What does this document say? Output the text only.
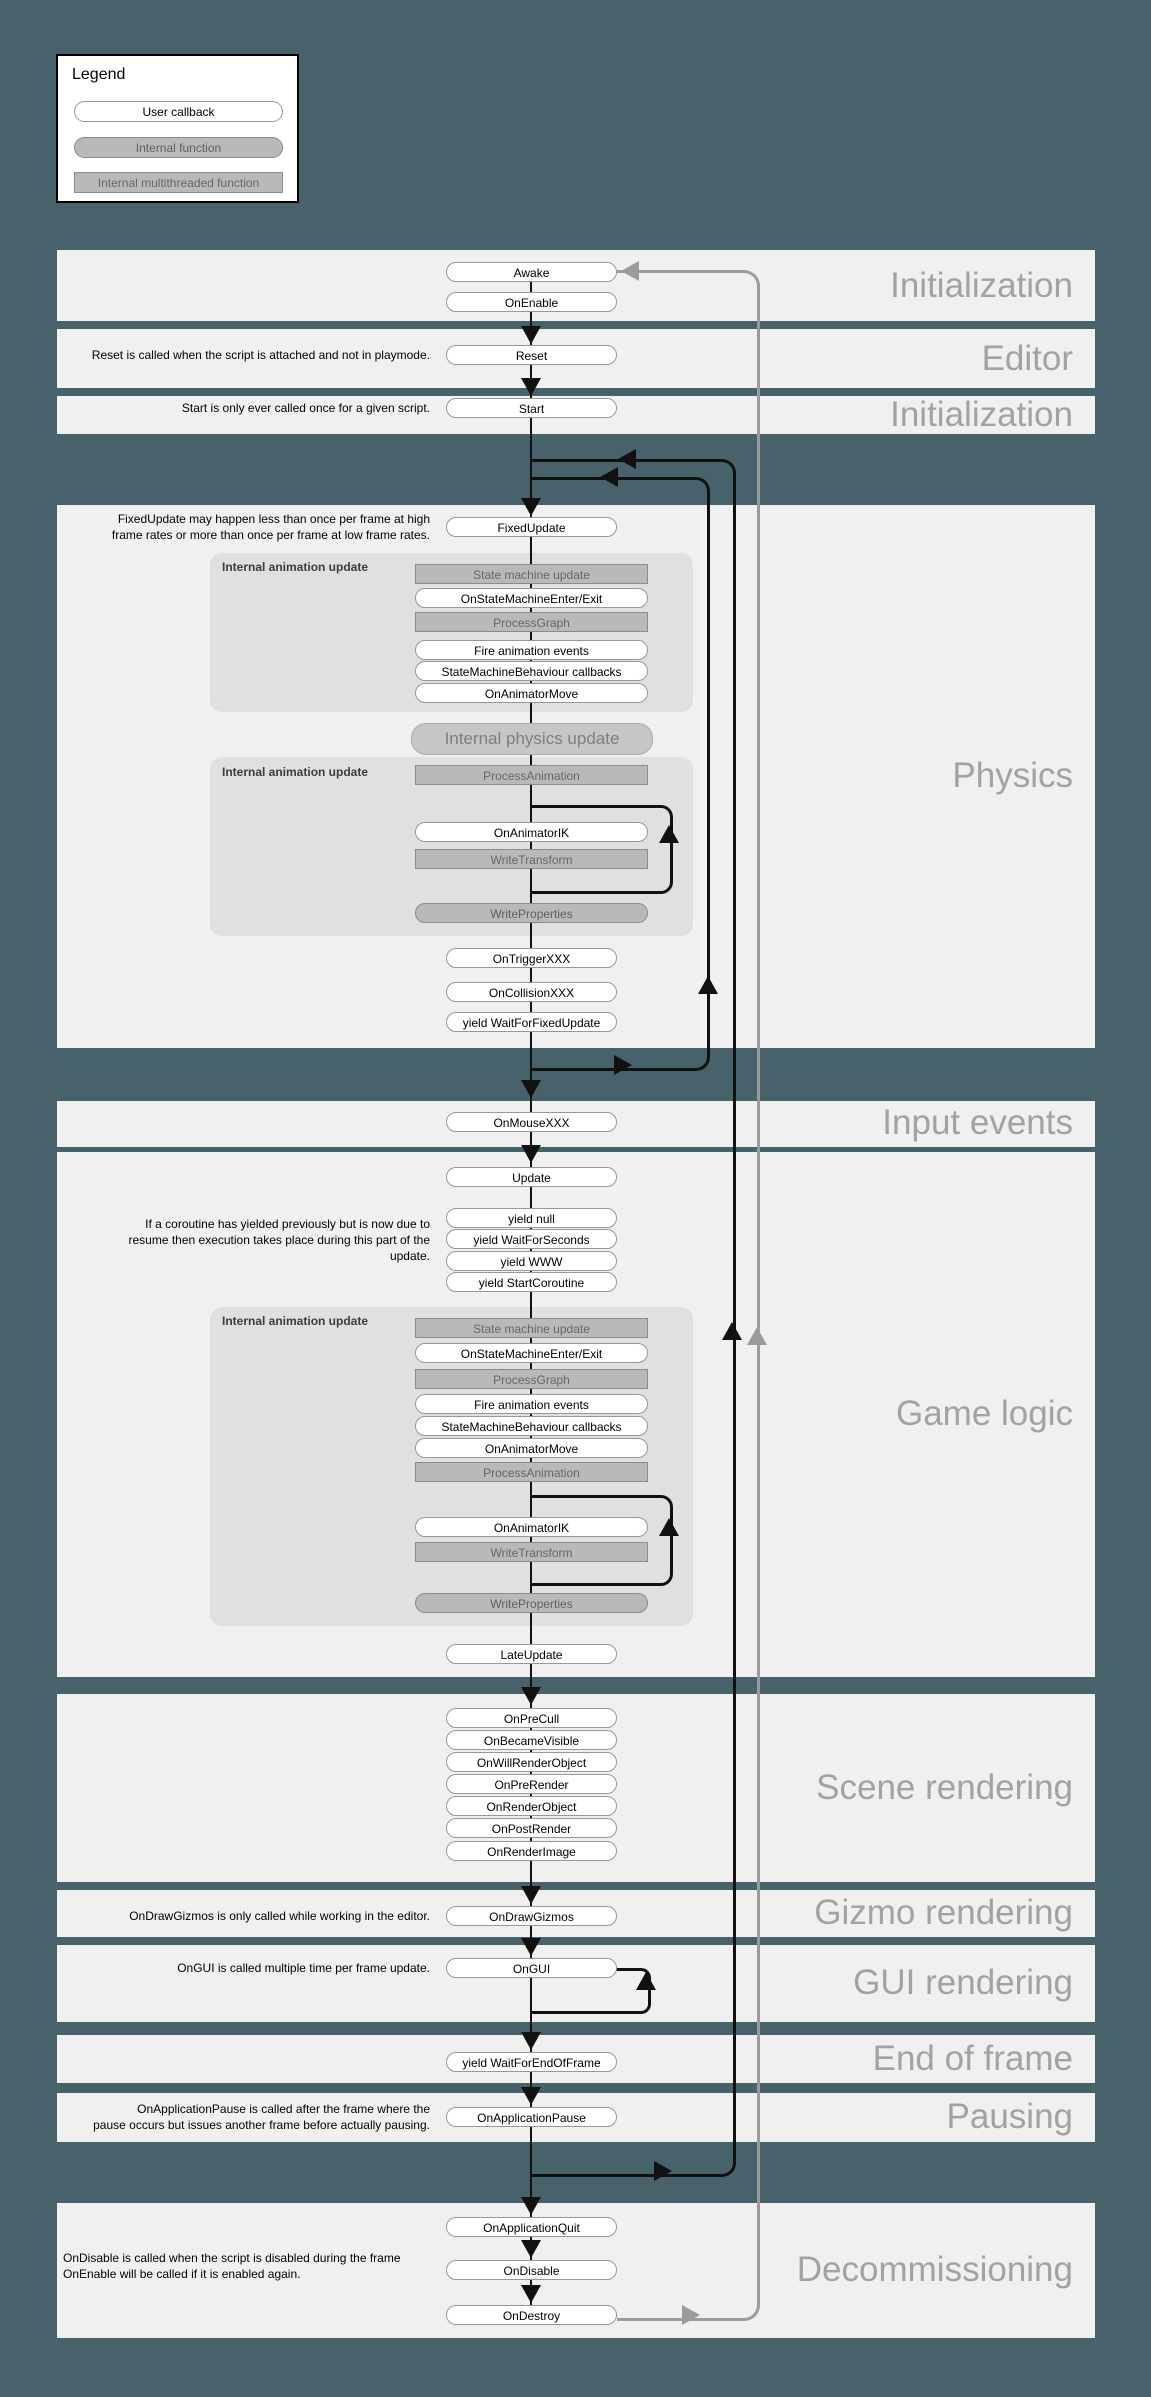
Legend
User callback
Internal function
Internal multithreaded function
Initialization
Editor
Initialization
Physics
Input events
Game logic
Scene rendering
Gizmo rendering
GUI rendering
End of frame
Pausing
Decommissioning
Internal animation update
Internal animation update
Internal animation update
Awake
OnEnable
Reset
Start
FixedUpdate
State machine update
OnStateMachineEnter/Exit
ProcessGraph
Fire animation events
StateMachineBehaviour callbacks
OnAnimatorMove
Internal physics update
ProcessAnimation
OnAnimatorIK
WriteTransform
WriteProperties
OnTriggerXXX
OnCollisionXXX
yield WaitForFixedUpdate
OnMouseXXX
Update
yield null
yield WaitForSeconds
yield WWW
yield StartCoroutine
State machine update
OnStateMachineEnter/Exit
ProcessGraph
Fire animation events
StateMachineBehaviour callbacks
OnAnimatorMove
ProcessAnimation
OnAnimatorIK
WriteTransform
WriteProperties
LateUpdate
OnPreCull
OnBecameVisible
OnWillRenderObject
OnPreRender
OnRenderObject
OnPostRender
OnRenderImage
OnDrawGizmos
OnGUI
yield WaitForEndOfFrame
OnApplicationPause
OnApplicationQuit
OnDisable
OnDestroy
Reset is called when the script is attached and not in playmode.
Start is only ever called once for a given script.
FixedUpdate may happen less than once per frame at high
frame rates or more than once per frame at low frame rates.
If a coroutine has yielded previously but is now due to
resume then execution takes place during this part of the
update.
OnDrawGizmos is only called while working in the editor.
OnGUI is called multiple time per frame update.
OnApplicationPause is called after the frame where the
pause occurs but issues another frame before actually pausing.
OnDisable is called when the script is disabled during the frame
OnEnable will be called if it is enabled again.
